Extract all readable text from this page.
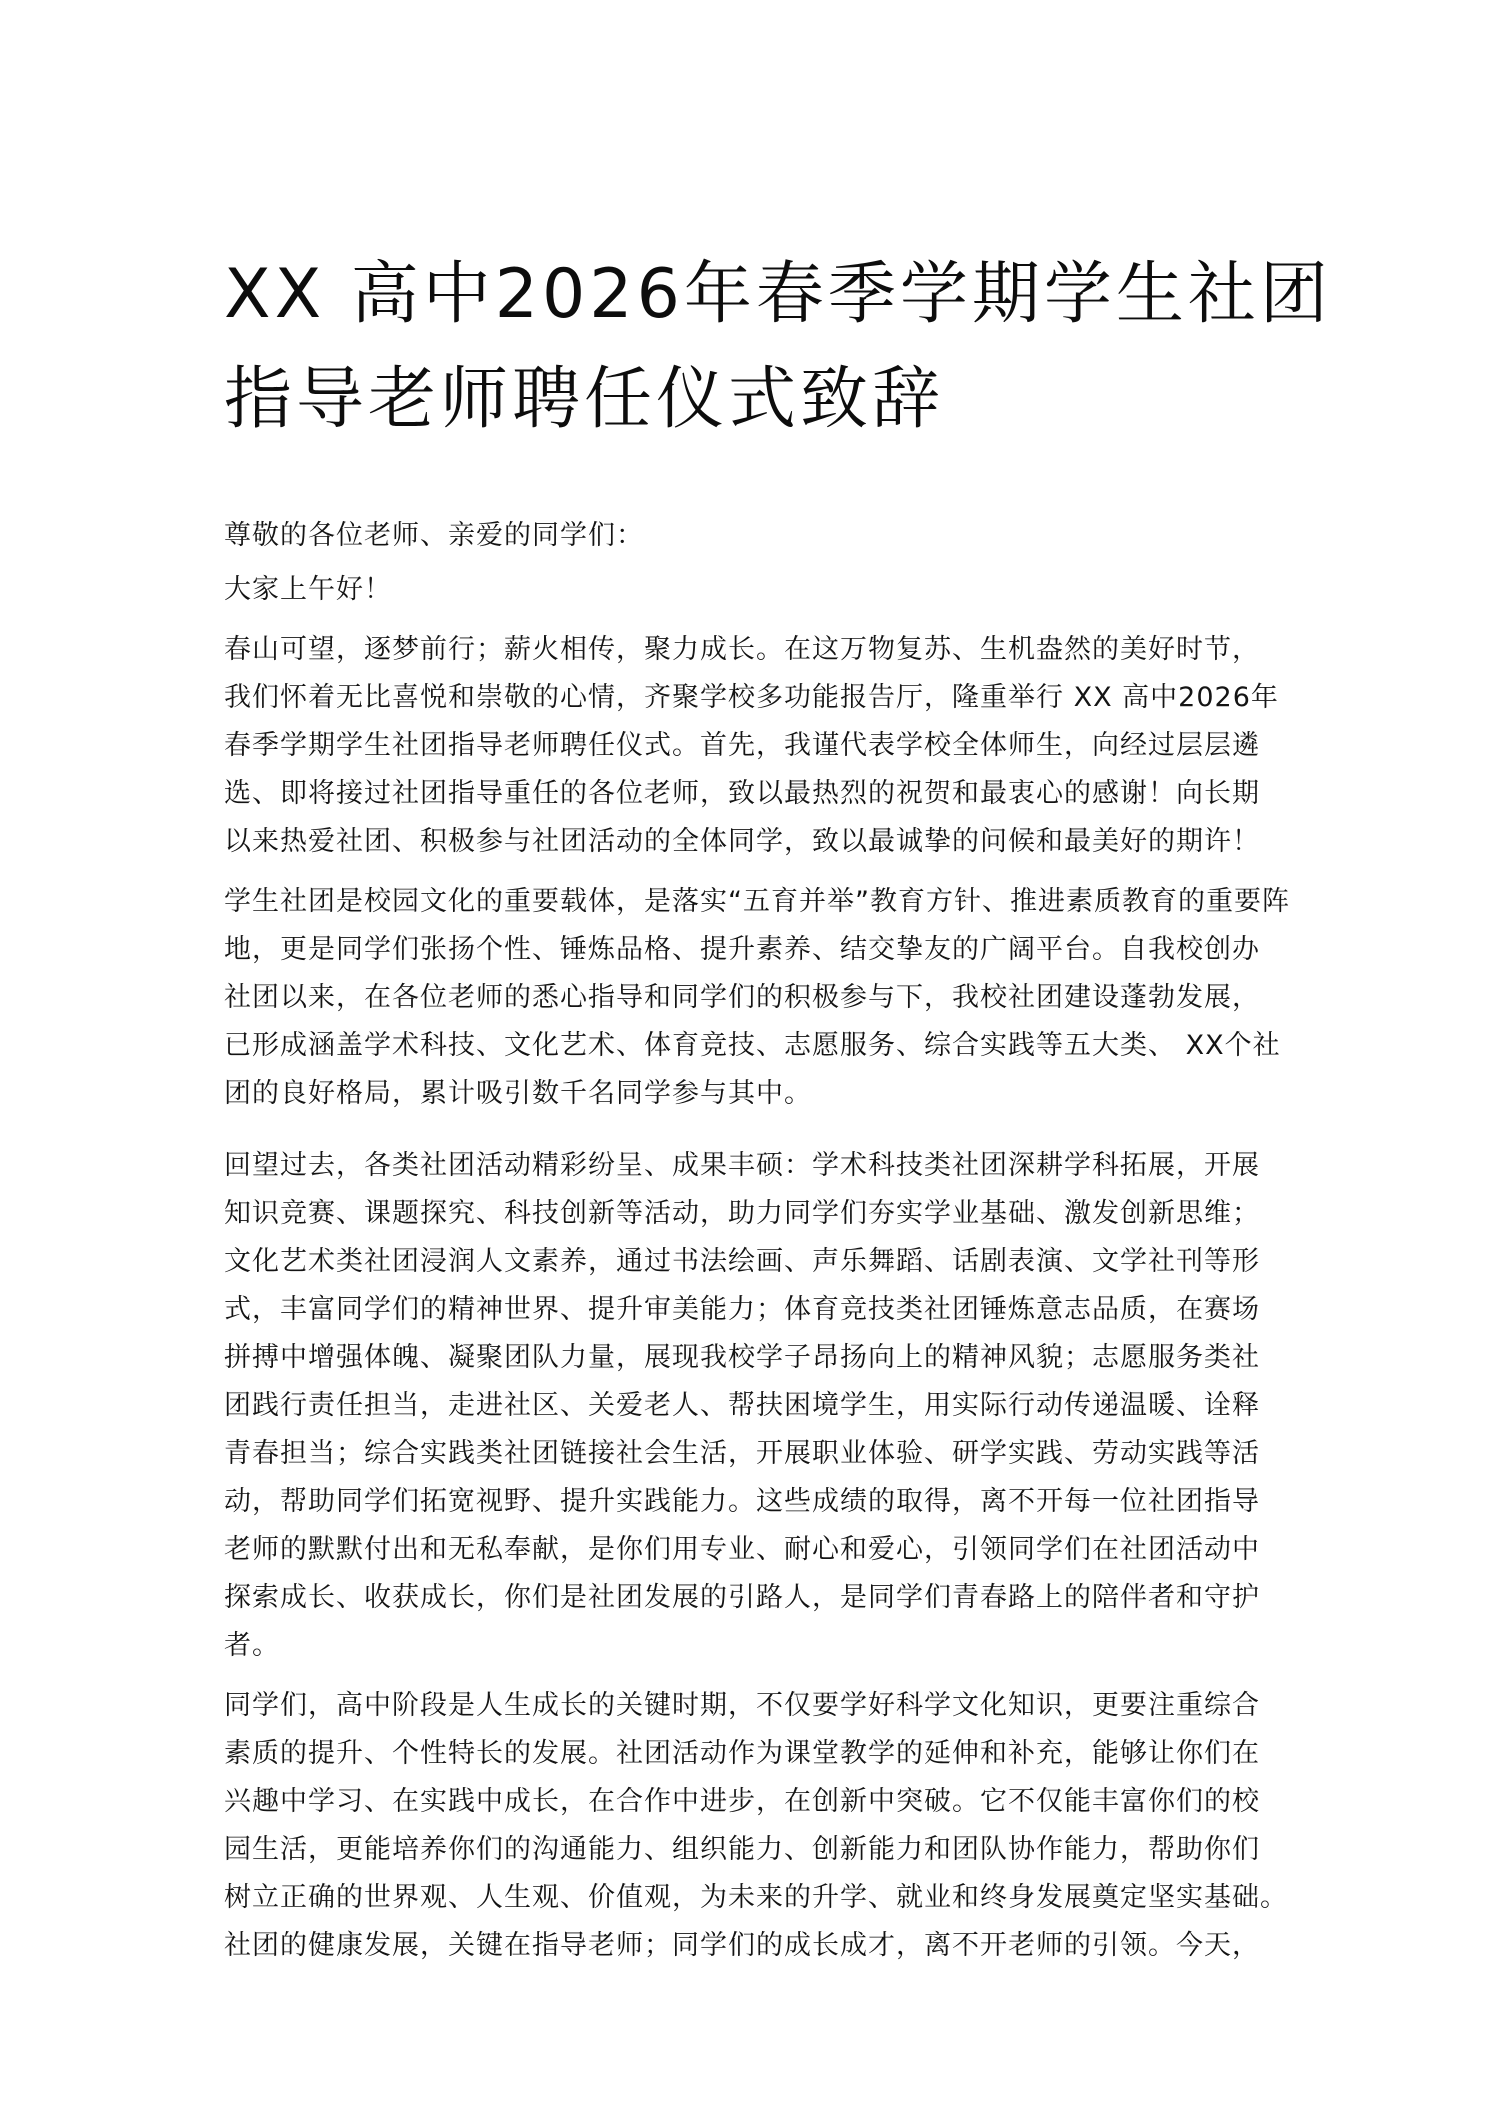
XX 高中2026年春季学期学生社团
指导老师聘任仪式致辞

尊敬的各位老师、亲爱的同学们：

大家上午好！

春山可望，逐梦前行；薪火相传，聚力成长。在这万物复苏、生机盎然的美好时节，
我们怀着无比喜悦和崇敬的心情，齐聚学校多功能报告厅，隆重举行 XX 高中2026年
春季学期学生社团指导老师聘任仪式。首先，我谨代表学校全体师生，向经过层层遴
选、即将接过社团指导重任的各位老师，致以最热烈的祝贺和最衷心的感谢！向长期
以来热爱社团、积极参与社团活动的全体同学，致以最诚挚的问候和最美好的期许！

学生社团是校园文化的重要载体，是落实“五育并举”教育方针、推进素质教育的重要阵
地，更是同学们张扬个性、锤炼品格、提升素养、结交挚友的广阔平台。自我校创办
社团以来，在各位老师的悉心指导和同学们的积极参与下，我校社团建设蓬勃发展，
已形成涵盖学术科技、文化艺术、体育竞技、志愿服务、综合实践等五大类、 XX个社
团的良好格局，累计吸引数千名同学参与其中。

回望过去，各类社团活动精彩纷呈、成果丰硕：学术科技类社团深耕学科拓展，开展
知识竞赛、课题探究、科技创新等活动，助力同学们夯实学业基础、激发创新思维；
文化艺术类社团浸润人文素养，通过书法绘画、声乐舞蹈、话剧表演、文学社刊等形
式，丰富同学们的精神世界、提升审美能力；体育竞技类社团锤炼意志品质，在赛场
拼搏中增强体魄、凝聚团队力量，展现我校学子昂扬向上的精神风貌；志愿服务类社
团践行责任担当，走进社区、关爱老人、帮扶困境学生，用实际行动传递温暖、诠释
青春担当；综合实践类社团链接社会生活，开展职业体验、研学实践、劳动实践等活
动，帮助同学们拓宽视野、提升实践能力。这些成绩的取得，离不开每一位社团指导
老师的默默付出和无私奉献，是你们用专业、耐心和爱心，引领同学们在社团活动中
探索成长、收获成长，你们是社团发展的引路人，是同学们青春路上的陪伴者和守护
者。

同学们，高中阶段是人生成长的关键时期，不仅要学好科学文化知识，更要注重综合
素质的提升、个性特长的发展。社团活动作为课堂教学的延伸和补充，能够让你们在
兴趣中学习、在实践中成长，在合作中进步，在创新中突破。它不仅能丰富你们的校
园生活，更能培养你们的沟通能力、组织能力、创新能力和团队协作能力，帮助你们
树立正确的世界观、人生观、价值观，为未来的升学、就业和终身发展奠定坚实基础。
社团的健康发展，关键在指导老师；同学们的成长成才，离不开老师的引领。今天，
